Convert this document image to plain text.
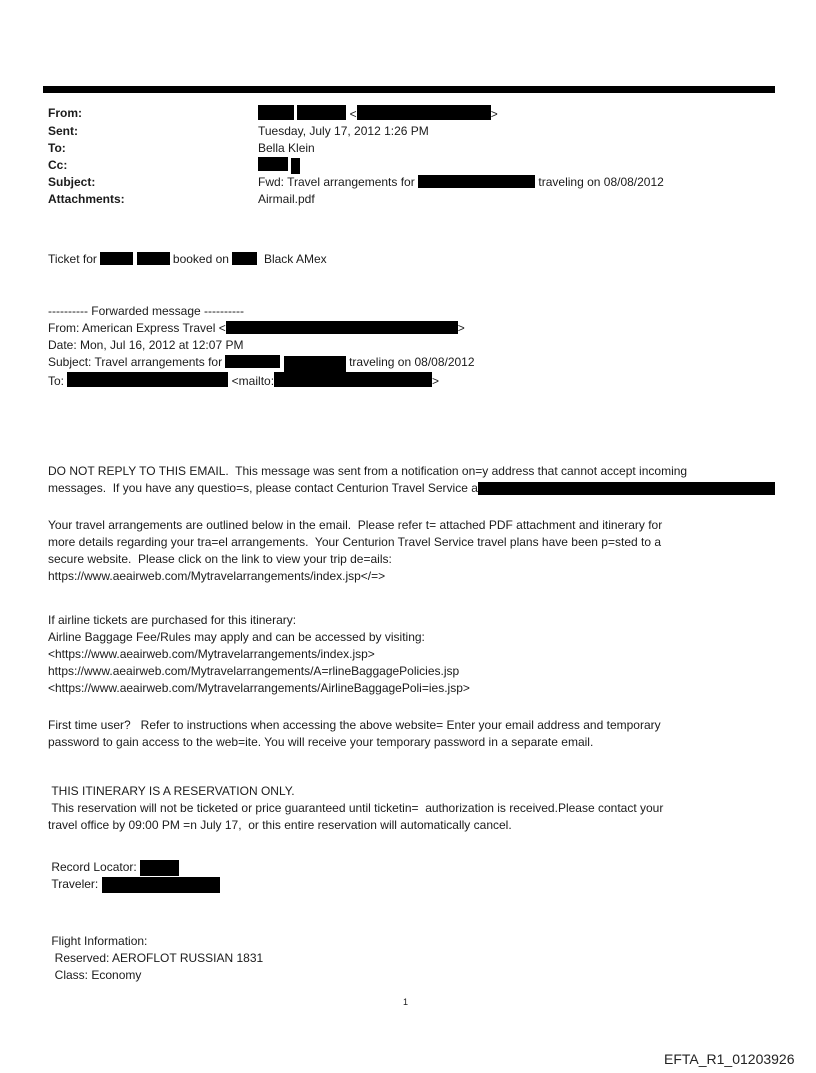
From:	<	>
Sent:	Tuesday, July 17, 2012 1:26 PM
To:	Bella Klein
Cc:

Subject:	Fwd: Travel arrangements for	traveling on 08/08/2012
Attachments:	Airmail.pdf
Ticket for	booked on   Black AMex
---------- Forwarded message ----------
From: American Express Travel <	>
Date: Mon, Jul 16, 2012 at 12:07 PM
Subject: Travel arrangements for	traveling on 08/08/2012
To:	<mailto:	>
DO NOT REPLY TO THIS EMAIL.  This message was sent from a notification on=y address that cannot accept incoming
messages.  If you have any questio=s, please contact Centurion Travel Service a
Your travel arrangements are outlined below in the email.  Please refer t= attached PDF attachment and itinerary for
more details regarding your tra=el arrangements.  Your Centurion Travel Service travel plans have been p=sted to a
secure website.  Please click on the link to view your trip de=ails:
https://www.aeairweb.com/Mytravelarrangements/index.jsp</=>
If airline tickets are purchased for this itinerary:
Airline Baggage Fee/Rules may apply and can be accessed by visiting:
<https://www.aeairweb.com/Mytravelarrangements/index.jsp>
https://www.aeairweb.com/Mytravelarrangements/A=rlineBaggagePolicies.jsp
<https://www.aeairweb.com/Mytravelarrangements/AirlineBaggagePoli=ies.jsp>
First time user?   Refer to instructions when accessing the above website= Enter your email address and temporary
password to gain access to the web=ite. You will receive your temporary password in a separate email.
THIS ITINERARY IS A RESERVATION ONLY.
This reservation will not be ticketed or price guaranteed until ticketin=  authorization is received.Please contact your
travel office by 09:00 PM =n July 17,  or this entire reservation will automatically cancel.
Record Locator:
Traveler:
Flight Information:
Reserved: AEROFLOT RUSSIAN 1831
Class: Economy
1
EFTA_R1_01203926
